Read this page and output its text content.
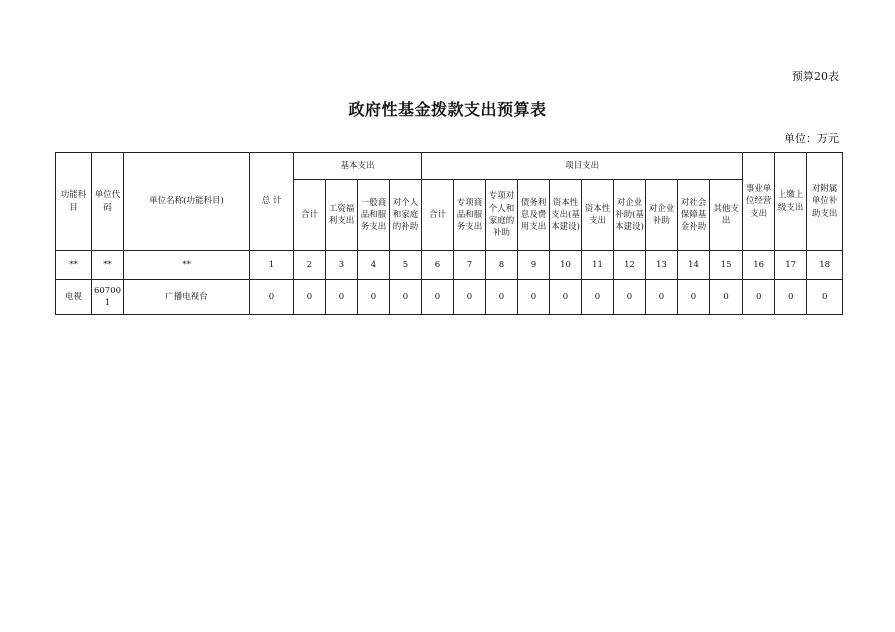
预算20表
政府性基金拨款支出预算表
单位：万元
功能科目	单位代码	单位名称(功能科目)	总 计	基本支出				项目支出										事业单位经营支出	上缴上级支出	对附属单位补助支出
				合计	工资福利支出	一般商品和服务支出	对个人和家庭的补助	合计	专项商品和服务支出	专项对个人和家庭的补助	债务利息及费用支出	资本性支出(基本建设)	资本性支出	对企业补助(基本建设)	对企业补助	对社会保障基金补助	其他支出			
**	**	**	1	2	3	4	5	6	7	8	9	10	11	12	13	14	15	16	17	18
电视	607001	广播电视台	0	0	0	0	0	0	0	0	0	0	0	0	0	0	0	0	0	0
